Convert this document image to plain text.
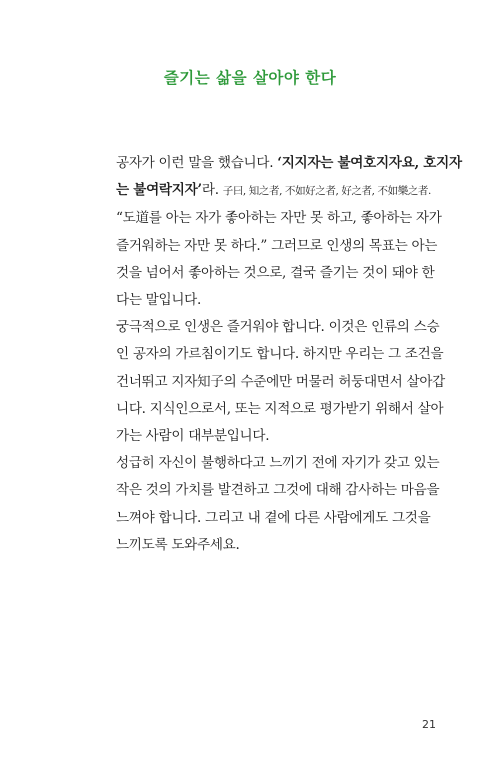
즐기는 삶을 살아야 한다

공자가 이런 말을 했습니다. ‘지지자는 불여호지자요, 호지자
는 불여락지자’라. 子曰, 知之者, 不如好之者, 好之者, 不如樂之者.

“도道를 아는 자가 좋아하는 자만 못 하고, 좋아하는 자가
즐거워하는 자만 못 하다.” 그러므로 인생의 목표는 아는
것을 넘어서 좋아하는 것으로, 결국 즐기는 것이 돼야 한
다는 말입니다.

궁극적으로 인생은 즐거워야 합니다. 이것은 인류의 스승
인 공자의 가르침이기도 합니다. 하지만 우리는 그 조건을
건너뛰고 지자知子의 수준에만 머물러 허둥대면서 살아갑
니다. 지식인으로서, 또는 지적으로 평가받기 위해서 살아
가는 사람이 대부분입니다.

성급히 자신이 불행하다고 느끼기 전에 자기가 갖고 있는
작은 것의 가치를 발견하고 그것에 대해 감사하는 마음을
느껴야 합니다. 그리고 내 곁에 다른 사람에게도 그것을
느끼도록 도와주세요.

21
